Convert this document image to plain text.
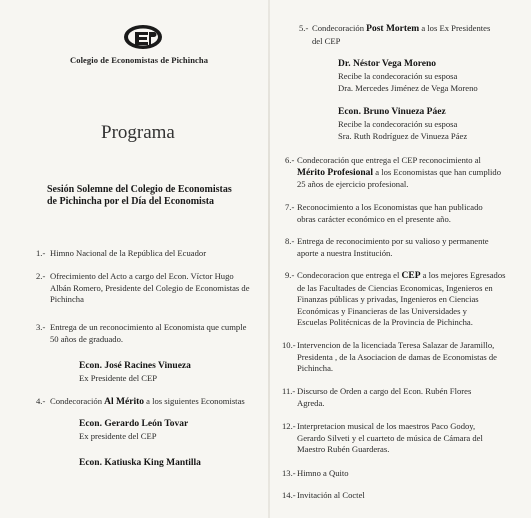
Colegio de Economistas de Pichincha
Programa
Sesión Solemne del Colegio de Economistas
de Pichincha por el Día del Economista
1.- Himno Nacional de la República del Ecuador
2.- Ofrecimiento del Acto a cargo del Econ. Víctor Hugo
Albán Romero, Presidente del Colegio de Economistas de
Pichincha
3.- Entrega de un reconocimiento al Economista que cumple
50 años de graduado.
Econ. José Racines Vinueza
Ex Presidente del CEP
4.- Condecoración Al Mérito a los siguientes Economistas
Econ. Gerardo León Tovar
Ex presidente del CEP
Econ. Katiuska King Mantilla
5.- Condecoración Post Mortem a los Ex Presidentes
del CEP
Dr. Néstor Vega Moreno
Recibe la condecoración su esposa
Dra. Mercedes Jiménez de Vega Moreno
Econ. Bruno Vinueza Páez
Recibe la condecoración su esposa
Sra. Ruth Rodríguez de Vinueza Páez
6.- Condecoración que entrega el CEP reconocimiento al
Mérito Profesional a los Economistas que han cumplido
25 años de ejercicio profesional.
7.- Reconocimiento a los Economistas que han publicado
obras carácter económico en el presente año.
8.- Entrega de reconocimiento por su valioso y permanente
aporte a nuestra Institución.
9.- Condecoracion que entrega el CEP a los mejores Egresados
de las Facultades de Ciencias Economicas, Ingenieros en
Finanzas públicas y privadas, Ingenieros en Ciencias
Económicas y Financieras de las Universidades y
Escuelas Politécnicas de la Provincia de Pichincha.
10.- Intervencion de la licenciada Teresa Salazar de Jaramillo,
Presidenta , de la Asociacion de damas de Economistas de
Pichincha.
11.- Discurso de Orden a cargo del Econ. Rubén Flores
Agreda.
12.- Interpretacion musical de los maestros Paco Godoy,
Gerardo Silveti y el cuarteto de música de Cámara del
Maestro Rubén Guarderas.
13.- Himno a Quito
14.- Invitación al Coctel
